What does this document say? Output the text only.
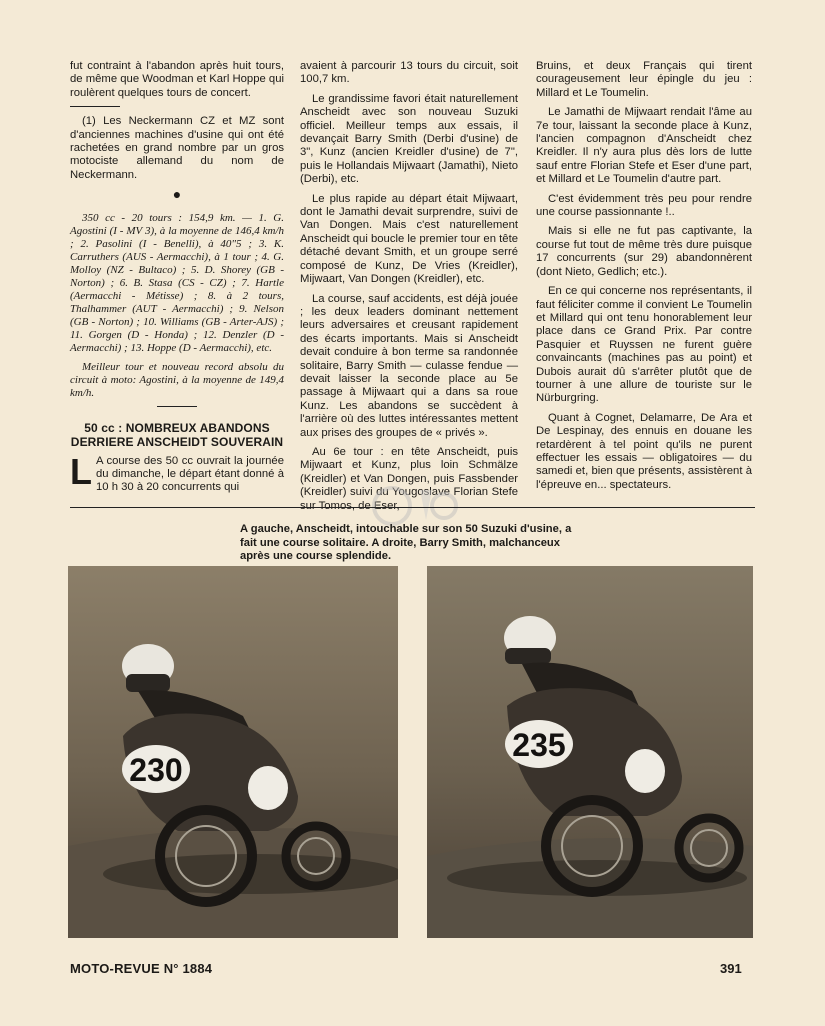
fut contraint à l'abandon après huit tours, de même que Woodman et Karl Hoppe qui roulèrent quelques tours de concert.

(1) Les Neckermann CZ et MZ sont d'anciennes machines d'usine qui ont été rachetées en grand nombre par un gros motociste allemand du nom de Neckermann.

●

350 cc - 20 tours : 154,9 km. — 1. G. Agostini (I - MV 3), à la moyenne de 146,4 km/h ; 2. Pasolini (I - Benelli), à 40"5 ; 3. K. Carruthers (AUS - Aermacchi), à 1 tour ; 4. G. Molloy (NZ - Bultaco) ; 5. D. Shorey (GB - Norton) ; 6. B. Stasa (CS - CZ) ; 7. Hartle (Aermacchi - Métisse) ; 8. à 2 tours, Thalhammer (AUT - Aermacchi) ; 9. Nelson (GB - Norton) ; 10. Williams (GB - Arter-AJS) ; 11. Gorgen (D - Honda) ; 12. Denzler (D - Aermacchi) ; 13. Hoppe (D - Aermacchi), etc.

Meilleur tour et nouveau record absolu du circuit à moto: Agostini, à la moyenne de 149,4 km/h.

50 cc : NOMBREUX ABANDONS
DERRIERE ANSCHEIDT SOUVERAIN

L A course des 50 cc ouvrait la journée du dimanche, le départ étant donné à 10 h 30 à 20 concurrents qui

avaient à parcourir 13 tours du circuit, soit 100,7 km.

Le grandissime favori était naturellement Anscheidt avec son nouveau Suzuki officiel. Meilleur temps aux essais, il devançait Barry Smith (Derbi d'usine) de 3", Kunz (ancien Kreidler d'usine) de 7", puis le Hollandais Mijwaart (Jamathi), Nieto (Derbi), etc.

Le plus rapide au départ était Mijwaart, dont le Jamathi devait surprendre, suivi de Van Dongen. Mais c'est naturellement Anscheidt qui boucle le premier tour en tête détaché devant Smith, et un groupe serré composé de Kunz, De Vries (Kreidler), Mijwaart, Van Dongen (Kreidler), etc.

La course, sauf accidents, est déjà jouée ; les deux leaders dominant nettement leurs adversaires et creusant rapidement des écarts importants. Mais si Anscheidt devait conduire à bon terme sa randonnée solitaire, Barry Smith — culasse fendue — devait laisser la seconde place au 5e passage à Mijwaart qui a dans sa roue Kunz. Les abandons se succèdent à l'arrière où des luttes intéressantes mettent aux prises des groupes de « privés ».

Au 6e tour : en tête Anscheidt, puis Mijwaart et Kunz, plus loin Schmälze (Kreidler) et Van Dongen, puis Fassbender (Kreidler) suivi du Yougoslave Florian Stefe sur Tomos, de Eser,

Bruins, et deux Français qui tirent courageusement leur épingle du jeu : Millard et Le Toumelin.

Le Jamathi de Mijwaart rendait l'âme au 7e tour, laissant la seconde place à Kunz, l'ancien compagnon d'Anscheidt chez Kreidler. Il n'y aura plus dès lors de lutte sauf entre Florian Stefe et Eser d'une part, et Millard et Le Toumelin d'autre part.

C'est évidemment très peu pour rendre une course passionnante !..

Mais si elle ne fut pas captivante, la course fut tout de même très dure puisque 17 concurrents (sur 29) abandonnèrent (dont Nieto, Gedlich; etc.).

En ce qui concerne nos représentants, il faut féliciter comme il convient Le Toumelin et Millard qui ont tenu honorablement leur place dans ce Grand Prix. Par contre Pasquier et Ruyssen ne furent guère convaincants (machines pas au point) et Dubois aurait dû s'arrêter plutôt que de tourner à une allure de touriste sur le Nürburgring.

Quant à Cognet, Delamarre, De Ara et De Lespinay, des ennuis en douane les retardèrent à tel point qu'ils ne purent effectuer les essais — obligatoires — du samedi et, bien que présents, assistèrent à l'épreuve en... spectateurs.

A gauche, Anscheidt, intouchable sur son 50 Suzuki d'usine, a fait une course solitaire. A droite, Barry Smith, malchanceux après une course splendide.
230
235
MOTO-REVUE N° 1884	391
